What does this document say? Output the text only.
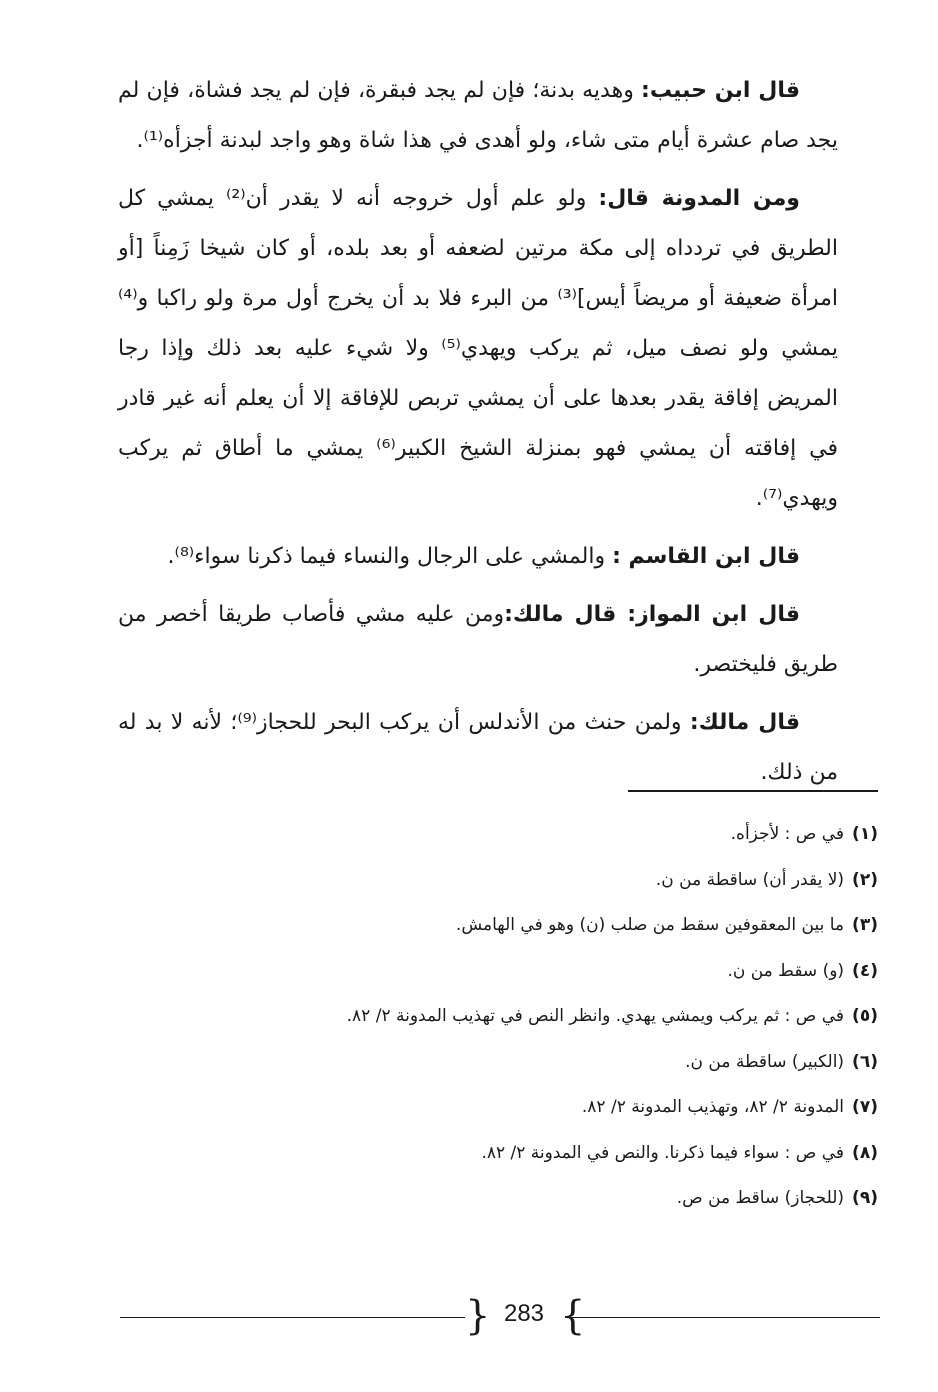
قال ابن حبيب: وهديه بدنة؛ فإن لم يجد فبقرة، فإن لم يجد فشاة، فإن لم يجد صام عشرة أيام متى شاء، ولو أهدى في هذا شاة وهو واجد لبدنة أجزأه⁽¹⁾.

ومن المدونة قال: ولو علم أول خروجه أنه لا يقدر أن⁽²⁾ يمشي كل الطريق في تردداه إلى مكة مرتين لضعفه أو بعد بلده، أو كان شيخا زَمِناً [أو امرأة ضعيفة أو مريضاً أيس]⁽³⁾ من البرء فلا بد أن يخرج أول مرة ولو راكبا و⁽⁴⁾ يمشي ولو نصف ميل، ثم يركب ويهدي⁽⁵⁾ ولا شيء عليه بعد ذلك وإذا رجا المريض إفاقة يقدر بعدها على أن يمشي تربص للإفاقة إلا أن يعلم أنه غير قادر في إفاقته أن يمشي فهو بمنزلة الشيخ الكبير⁽⁶⁾ يمشي ما أطاق ثم يركب ويهدي⁽⁷⁾.

قال ابن القاسم : والمشي على الرجال والنساء فيما ذكرنا سواء⁽⁸⁾.

قال ابن المواز: قال مالك:ومن عليه مشي فأصاب طريقا أخصر من طريق فليختصر.

قال مالك: ولمن حنث من الأندلس أن يركب البحر للحجاز⁽⁹⁾؛ لأنه لا بد له من ذلك.

(١)في ص : لأجزأه.

(٢)(لا يقدر أن) ساقطة من ن.

(٣)ما بين المعقوفين سقط من صلب (ن) وهو في الهامش.

(٤)(و) سقط من ن.

(٥)في ص : ثم يركب ويمشي يهدي. وانظر النص في تهذيب المدونة ٢/ ٨٢.

(٦)(الكبير) ساقطة من ن.

(٧)المدونة ٢/ ٨٢، وتهذيب المدونة ٢/ ٨٢.

(٨)في ص : سواء فيما ذكرنا. والنص في المدونة ٢/ ٨٢.

(٩)(للحجاز) ساقط من ص.

{ 283 }
